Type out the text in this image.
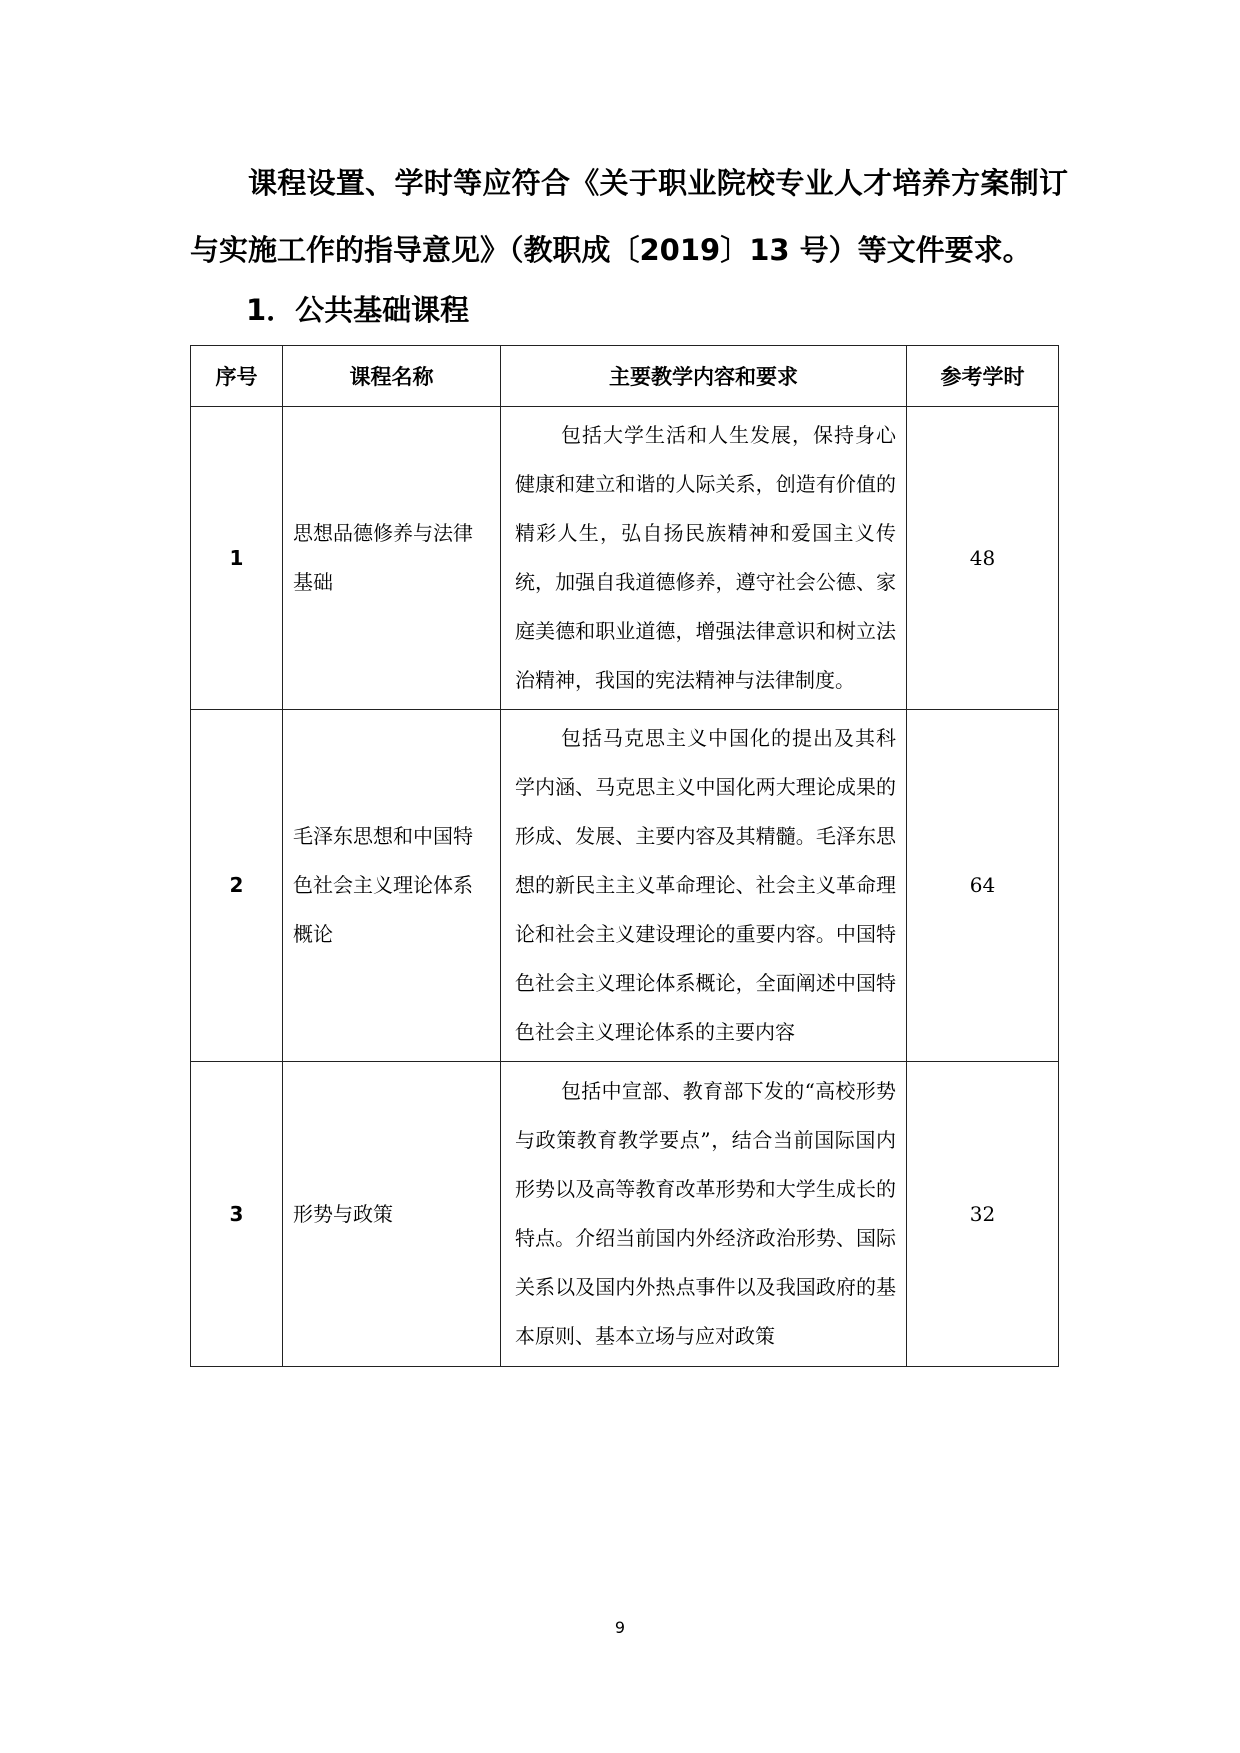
课程设置、学时等应符合《关于职业院校专业人才培养方案制订与实施工作的指导意见》（教职成〔2019〕13 号）等文件要求。

1．公共基础课程
序号	课程名称	主要教学内容和要求	参考学时
1	思想品德修养与法律基础	包括大学生活和人生发展，保持身心健康和建立和谐的人际关系，创造有价值的精彩人生，弘自扬民族精神和爱国主义传统，加强自我道德修养，遵守社会公德、家庭美德和职业道德，增强法律意识和树立法治精神，我国的宪法精神与法律制度。	48
2	毛泽东思想和中国特色社会主义理论体系概论	包括马克思主义中国化的提出及其科学内涵、马克思主义中国化两大理论成果的形成、发展、主要内容及其精髓。毛泽东思想的新民主主义革命理论、社会主义革命理论和社会主义建设理论的重要内容。中国特色社会主义理论体系概论，全面阐述中国特色社会主义理论体系的主要内容	64
3	形势与政策	包括中宣部、教育部下发的“高校形势与政策教育教学要点”，结合当前国际国内形势以及高等教育改革形势和大学生成长的特点。介绍当前国内外经济政治形势、国际关系以及国内外热点事件以及我国政府的基本原则、基本立场与应对政策	32
9
